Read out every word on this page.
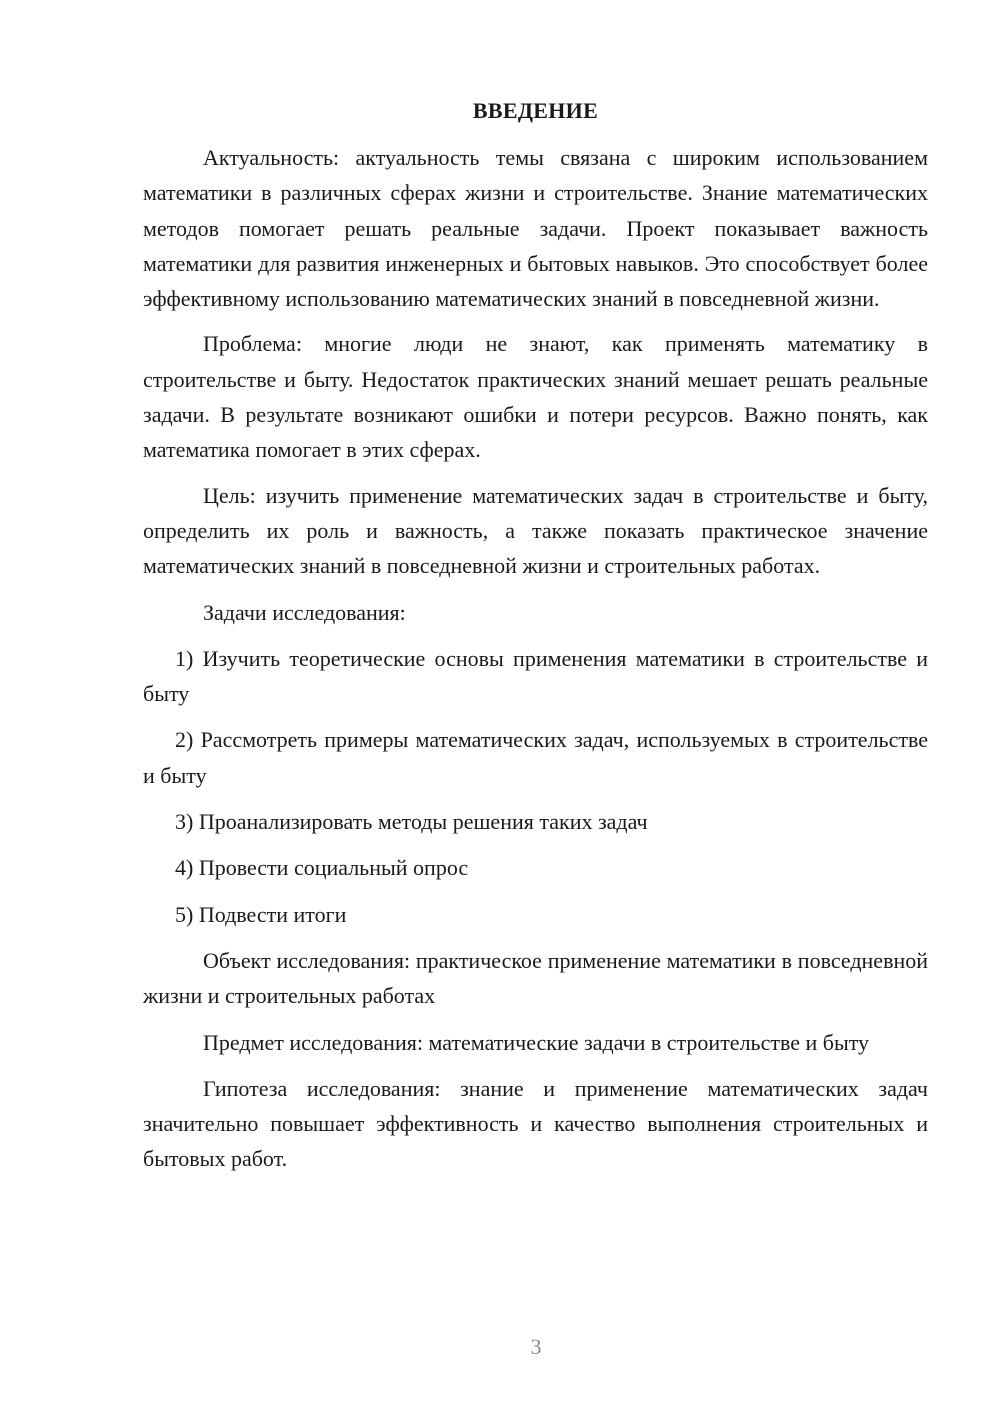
ВВЕДЕНИЕ

Актуальность: актуальность темы связана с широким использованием математики в различных сферах жизни и строительстве. Знание математических методов помогает решать реальные задачи. Проект показывает важность математики для развития инженерных и бытовых навыков. Это способствует более эффективному использованию математических знаний в повседневной жизни.

Проблема: многие люди не знают, как применять математику в строительстве и быту. Недостаток практических знаний мешает решать реальные задачи. В результате возникают ошибки и потери ресурсов. Важно понять, как математика помогает в этих сферах.

Цель: изучить применение математических задач в строительстве и быту, определить их роль и важность, а также показать практическое значение математических знаний в повседневной жизни и строительных работах.

Задачи исследования:

1) Изучить теоретические основы применения математики в строительстве и быту

2) Рассмотреть примеры математических задач, используемых в строительстве и быту

3) Проанализировать методы решения таких задач

4) Провести социальный опрос

5) Подвести итоги

Объект исследования: практическое применение математики в повседневной жизни и строительных работах

Предмет исследования: математические задачи в строительстве и быту

Гипотеза исследования: знание и применение математических задач значительно повышает эффективность и качество выполнения строительных и бытовых работ.

3
